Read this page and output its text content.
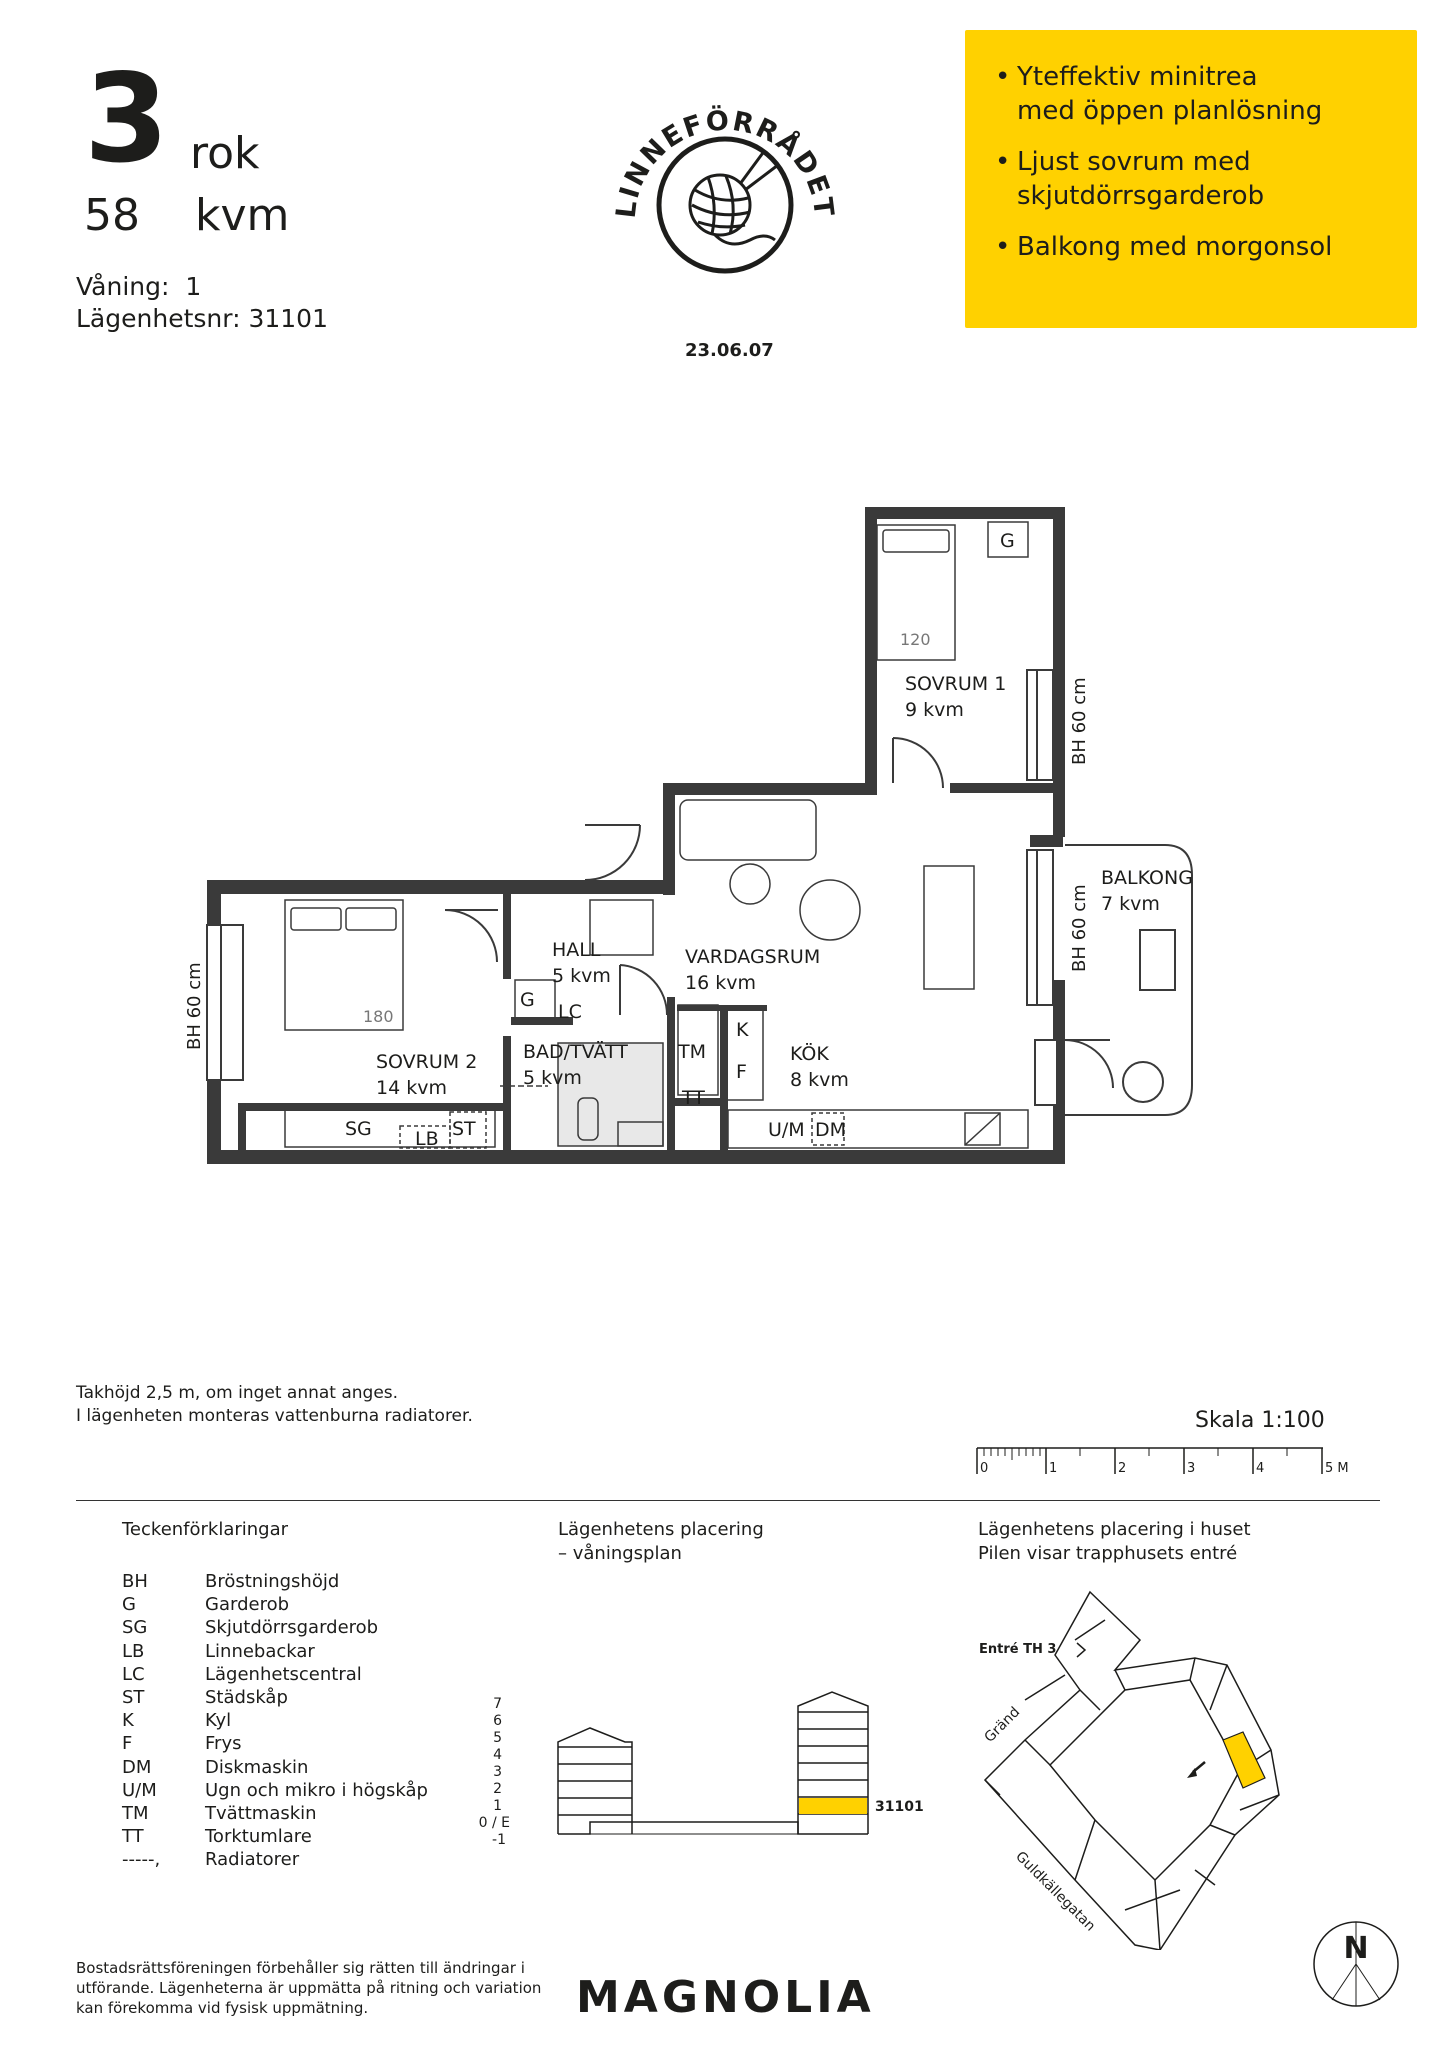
3 rok
58 kvm
Våning: 1
Lägenhetsnr: 31101
LINNEFÖRRÅDET
23.06.07
• Yteffektiv minitrea
med öppen planlösning
• Ljust sovrum med
skjutdörrsgarderob
• Balkong med morgonsol
SOVRUM 1
9 kvm
BALKONG
7 kvm
VARDAGSRUM
16 kvm
HALL
5 kvm
BAD/TVÄTT
5 kvm
KÖK
8 kvm
SOVRUM 2
14 kvm
120
180
BH 60 cm
BH 60 cm
BH 60 cm
G
G
LC
SG LB ST
TM
TT
K
F
U/M DM
Takhöjd 2,5 m, om inget annat anges.
I lägenheten monteras vattenburna radiatorer.	Skala 1:100
0	1	2	3	4	5 M
Teckenförklaringar
BH	Bröstningshöjd
G	Garderob
SG	Skjutdörrsgarderob
LB	Linnebackar
LC	Lägenhetscentral
ST	Städskåp
K	Kyl
F	Frys
DM	Diskmaskin
U/M	Ugn och mikro i högskåp
TM	Tvättmaskin
TT	Torktumlare
-----,	Radiatorer
Lägenhetens placering
– våningsplan
7
6
5
4
3
2
1
0 / E
-1
31101
Lägenhetens placering i huset
Pilen visar trapphusets entré
Entré TH 3
Gränd
Guldkällegatan
N
Bostadsrättsföreningen förbehåller sig rätten till ändringar i utförande. Lägenheterna är uppmätta på ritning och variation kan förekomma vid fysisk uppmätning.	MAGNOLIA
